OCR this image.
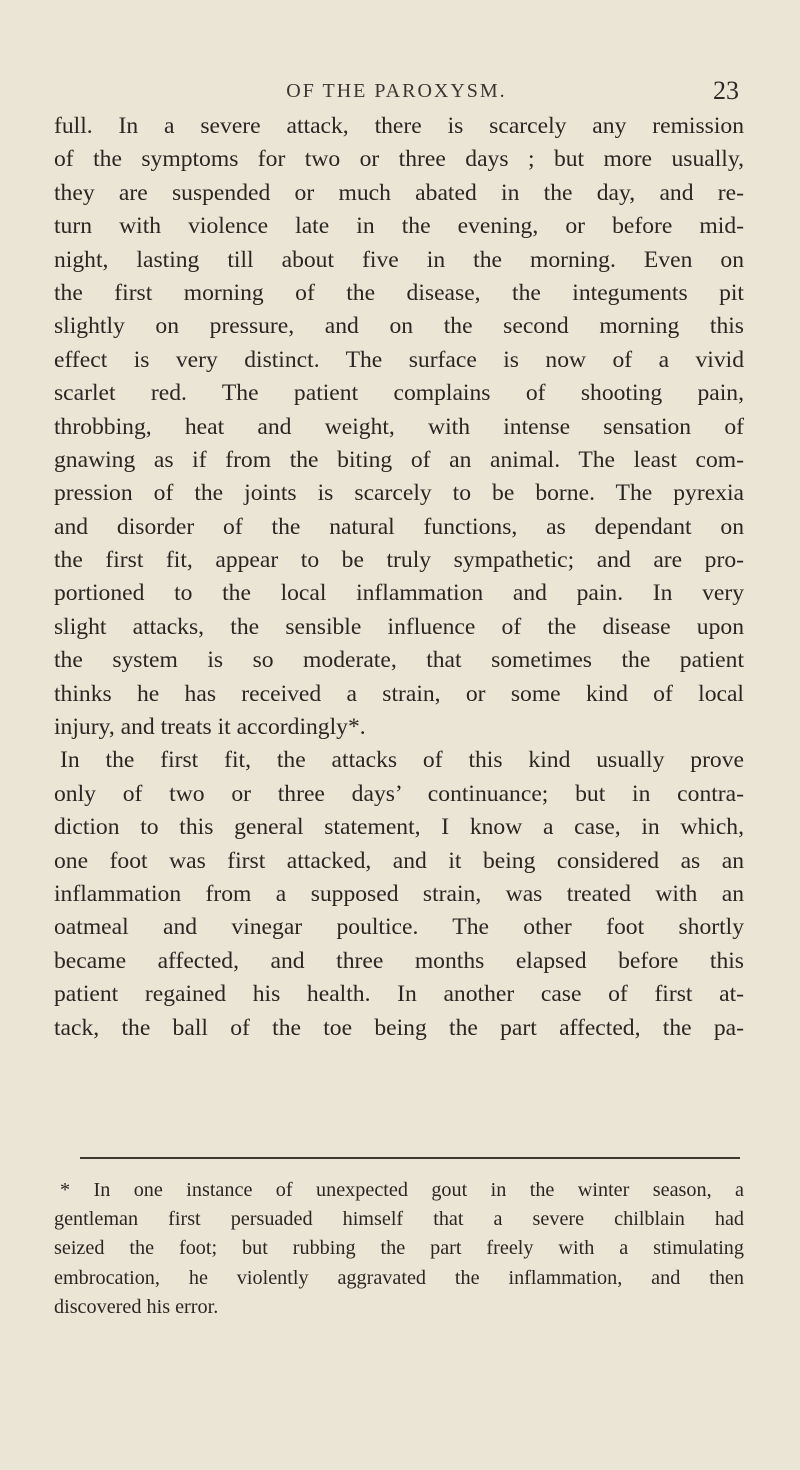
OF THE PAROXYSM.	23
full. In a severe attack, there is scarcely any remission
of the symptoms for two or three days ; but more usually,
they are suspended or much abated in the day, and re-
turn with violence late in the evening, or before mid-
night, lasting till about five in the morning. Even on
the first morning of the disease, the integuments pit
slightly on pressure, and on the second morning this
effect is very distinct. The surface is now of a vivid
scarlet red. The patient complains of shooting pain,
throbbing, heat and weight, with intense sensation of
gnawing as if from the biting of an animal. The least com-
pression of the joints is scarcely to be borne. The pyrexia
and disorder of the natural functions, as dependant on
the first fit, appear to be truly sympathetic; and are pro-
portioned to the local inflammation and pain. In very
slight attacks, the sensible influence of the disease upon
the system is so moderate, that sometimes the patient
thinks he has received a strain, or some kind of local
injury, and treats it accordingly*.
In the first fit, the attacks of this kind usually prove
only of two or three days’ continuance; but in contra-
diction to this general statement, I know a case, in which,
one foot was first attacked, and it being considered as an
inflammation from a supposed strain, was treated with an
oatmeal and vinegar poultice. The other foot shortly
became affected, and three months elapsed before this
patient regained his health. In another case of first at-
tack, the ball of the toe being the part affected, the pa-
* In one instance of unexpected gout in the winter season, a
gentleman first persuaded himself that a severe chilblain had
seized the foot; but rubbing the part freely with a stimulating
embrocation, he violently aggravated the inflammation, and then
discovered his error.
